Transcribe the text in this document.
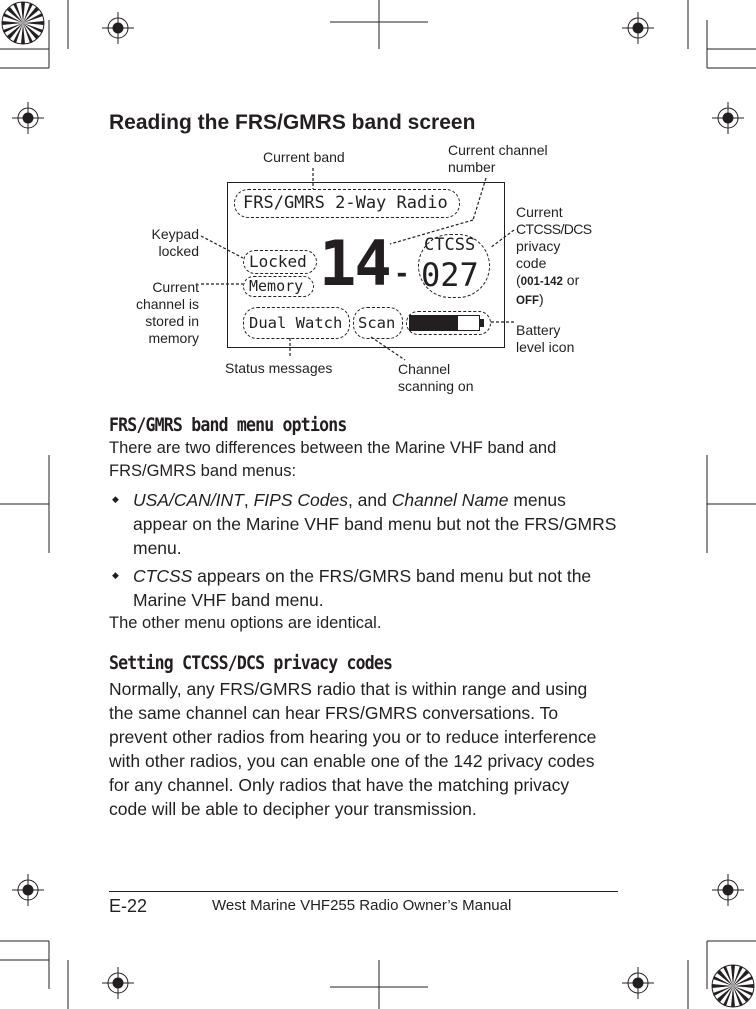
Reading the FRS/GMRS band screen
Current band	Current channel number
Keypad locked
Current channel is stored in memory
Current
CTCSS/DCS
privacy
code
(001-142 or
OFF)
Battery level icon
Status messages	Channel scanning on
FRS/GMRS 2-Way Radio
Locked
Memory 14 -
CTCSS
027
Dual Watch Scan
FRS/GMRS band menu options
There are two differences between the Marine VHF band and FRS/GMRS band menus:
◆ USA/CAN/INT, FIPS Codes, and Channel Name menus appear on the Marine VHF band menu but not the FRS/GMRS menu.
◆ CTCSS appears on the FRS/GMRS band menu but not the Marine VHF band menu.
The other menu options are identical.
Setting CTCSS/DCS privacy codes
Normally, any FRS/GMRS radio that is within range and using the same channel can hear FRS/GMRS conversations. To prevent other radios from hearing you or to reduce interference with other radios, you can enable one of the 142 privacy codes for any channel. Only radios that have the matching privacy code will be able to decipher your transmission.
E-22	West Marine VHF255 Radio Owner’s Manual
